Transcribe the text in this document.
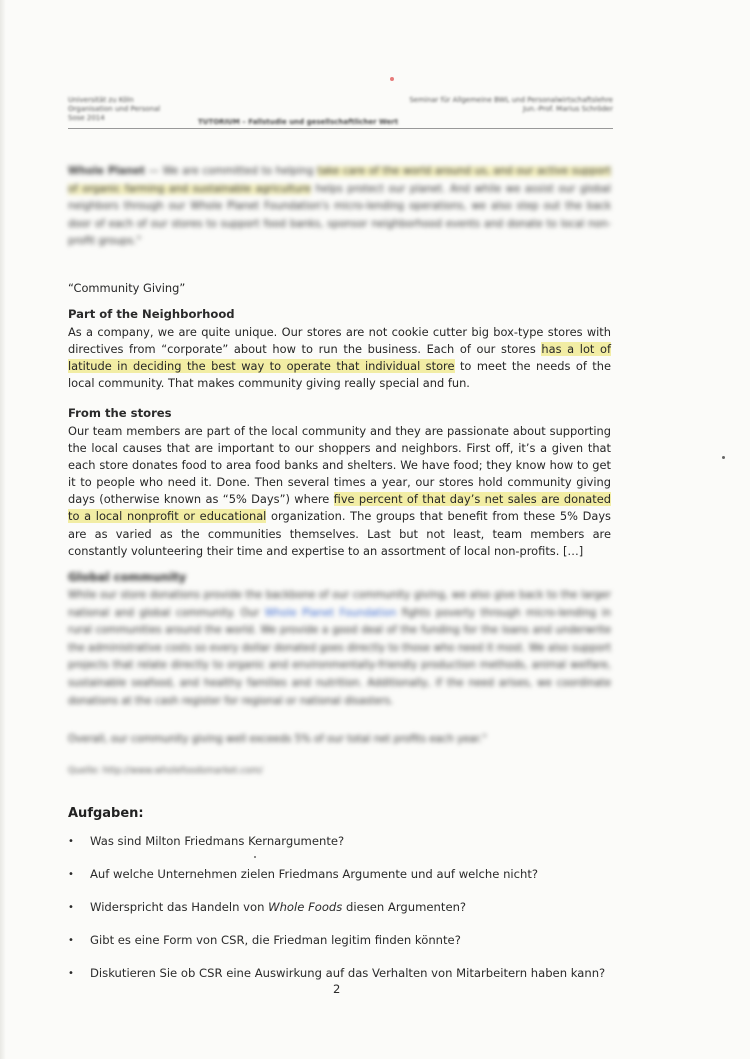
Universität zu Köln
Organisation und Personal
Sose 2014
Seminar für Allgemeine BWL und Personalwirtschaftslehre
Jun.-Prof. Marius Schröder
TUTORIUM – Fallstudie und gesellschaftlicher Wert
Whole Planet — We are committed to helping take care of the world around us, and our active support of organic farming and sustainable agriculture helps protect our planet. And while we assist our global neighbors through our Whole Planet Foundation's micro-lending operations, we also step out the back door of each of our stores to support food banks, sponsor neighborhood events and donate to local non-profit groups."
“Community Giving”
Part of the Neighborhood
As a company, we are quite unique. Our stores are not cookie cutter big box-type stores with directives from “corporate” about how to run the business. Each of our stores has a lot of latitude in deciding the best way to operate that individual store to meet the needs of the local community. That makes community giving really special and fun.
From the stores
Our team members are part of the local community and they are passionate about supporting the local causes that are important to our shoppers and neighbors. First off, it’s a given that each store donates food to area food banks and shelters. We have food; they know how to get it to people who need it. Done. Then several times a year, our stores hold community giving days (otherwise known as “5% Days”) where five percent of that day’s net sales are donated to a local nonprofit or educational organization. The groups that benefit from these 5% Days are as varied as the communities themselves. Last but not least, team members are constantly volunteering their time and expertise to an assortment of local non-profits. […]
Global community
While our store donations provide the backbone of our community giving, we also give back to the larger national and global community. Our Whole Planet Foundation fights poverty through micro-lending in rural communities around the world. We provide a good deal of the funding for the loans and underwrite the administrative costs so every dollar donated goes directly to those who need it most. We also support projects that relate directly to organic and environmentally-friendly production methods, animal welfare, sustainable seafood, and healthy families and nutrition. Additionally, if the need arises, we coordinate donations at the cash register for regional or national disasters.
Overall, our community giving well exceeds 5% of our total net profits each year."
Quelle: http://www.wholefoodsmarket.com/
Aufgaben:
• Was sind Milton Friedmans Kernargumente?
• Auf welche Unternehmen zielen Friedmans Argumente und auf welche nicht?
• Widerspricht das Handeln von Whole Foods diesen Argumenten?
• Gibt es eine Form von CSR, die Friedman legitim finden könnte?
• Diskutieren Sie ob CSR eine Auswirkung auf das Verhalten von Mitarbeitern haben kann?
2
